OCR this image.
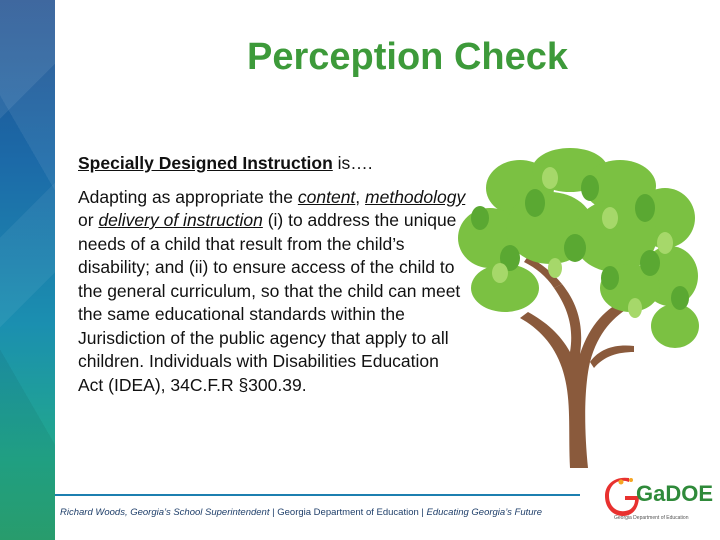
Perception Check

Specially Designed Instruction is….

Adapting as appropriate the content, methodology or delivery of instruction (i) to address the unique needs of a child that result from the child’s disability; and (ii) to ensure access of the child to the general curriculum, so that the child can meet the same educational standards within the Jurisdiction of the public agency that apply to all children. Individuals with Disabilities Education Act (IDEA), 34C.F.R §300.39.

Richard Woods, Georgia’s School Superintendent | Georgia Department of Education | Educating Georgia’s Future
GaDOE
Georgia Department of Education
